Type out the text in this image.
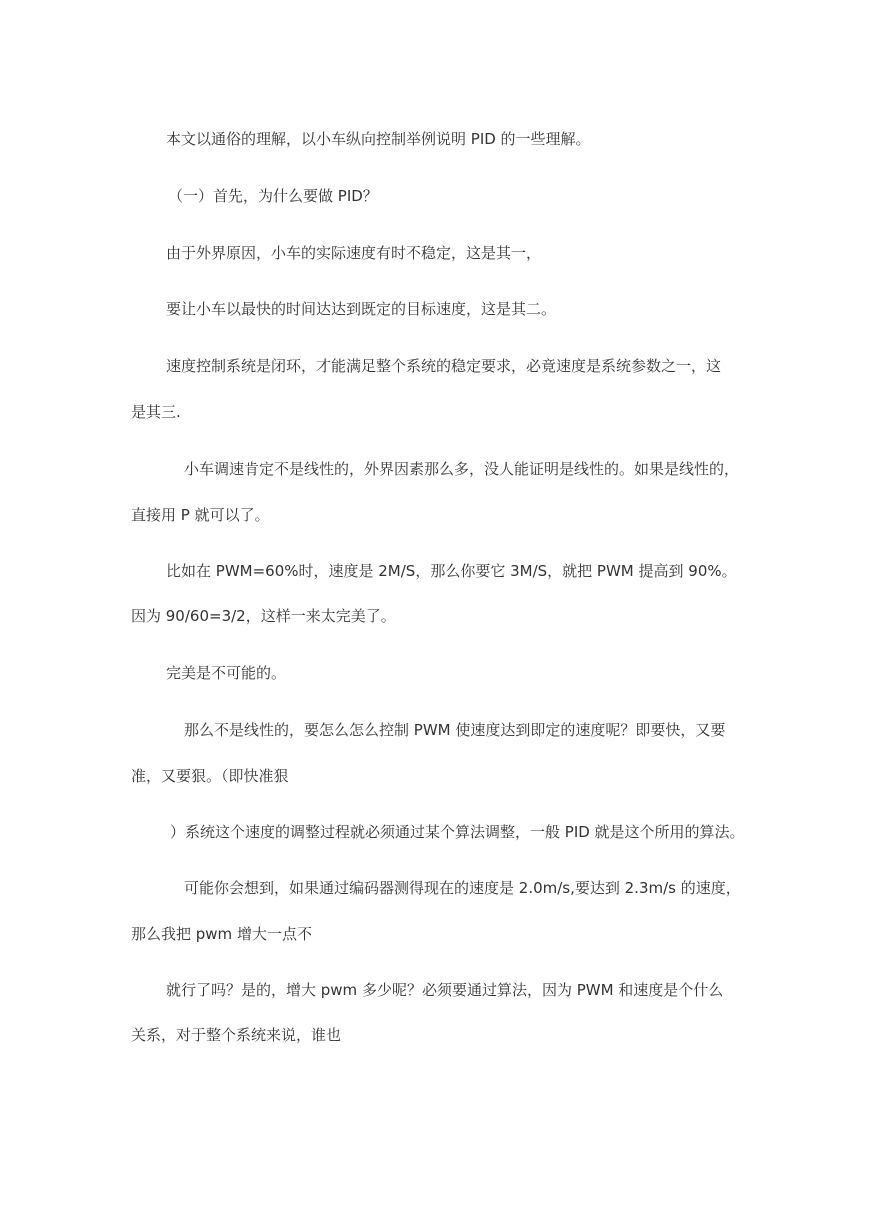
本文以通俗的理解，以小车纵向控制举例说明 PID 的一些理解。
（一）首先，为什么要做 PID？
由于外界原因，小车的实际速度有时不稳定，这是其一，
要让小车以最快的时间达达到既定的目标速度，这是其二。
速度控制系统是闭环，才能满足整个系统的稳定要求，必竟速度是系统参数之一，这
是其三.
小车调速肯定不是线性的，外界因素那么多，没人能证明是线性的。如果是线性的，
直接用 P 就可以了。
比如在 PWM=60%时，速度是 2M/S，那么你要它 3M/S，就把 PWM 提高到 90%。
因为 90/60=3/2，这样一来太完美了。
完美是不可能的。
那么不是线性的，要怎么怎么控制 PWM 使速度达到即定的速度呢？即要快，又要
准，又要狠。（即快准狠
）系统这个速度的调整过程就必须通过某个算法调整，一般 PID 就是这个所用的算法。
可能你会想到，如果通过编码器测得现在的速度是 2.0m/s,要达到 2.3m/s 的速度，
那么我把 pwm 增大一点不
就行了吗？是的，增大 pwm 多少呢？必须要通过算法，因为 PWM 和速度是个什么
关系，对于整个系统来说，谁也
